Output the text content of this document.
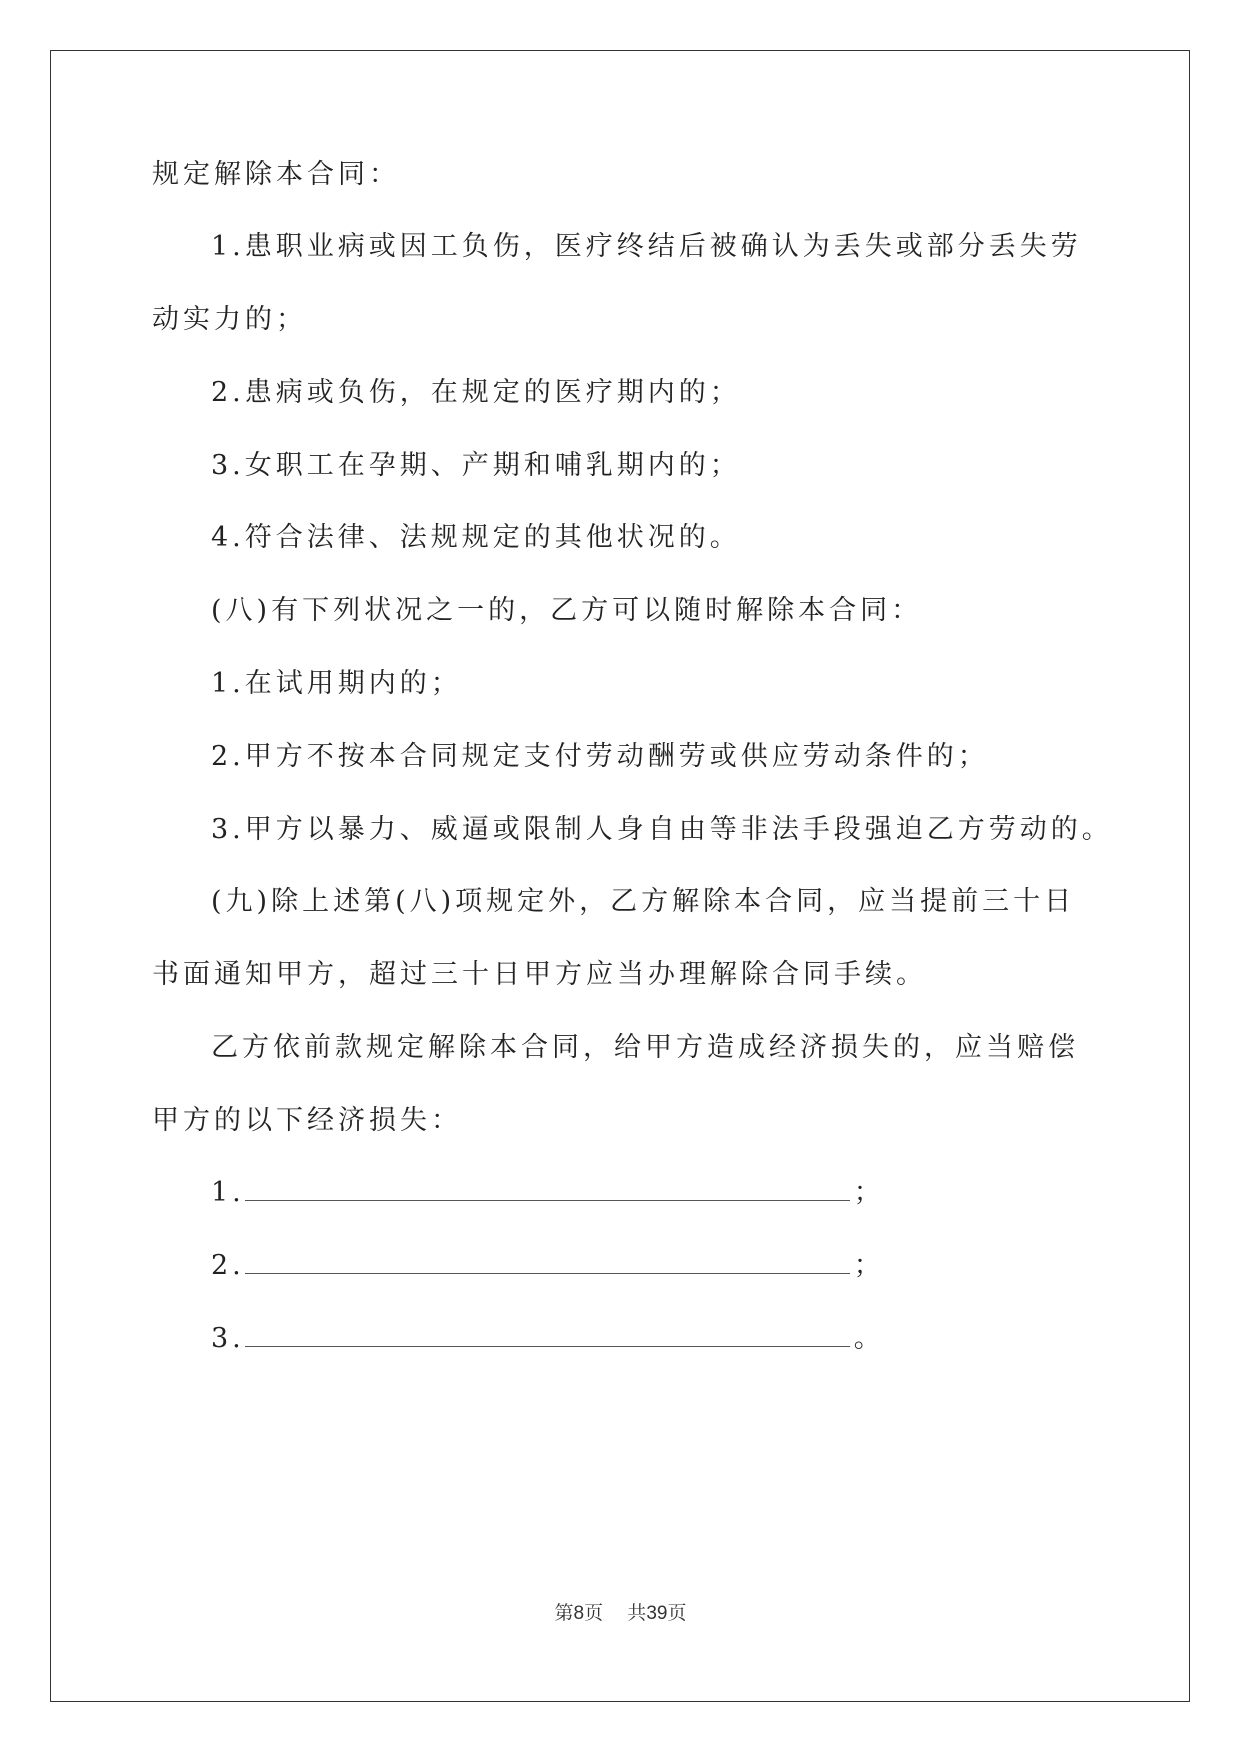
规定解除本合同：
1.患职业病或因工负伤，医疗终结后被确认为丢失或部分丢失劳
动实力的；
2.患病或负伤，在规定的医疗期内的；
3.女职工在孕期、产期和哺乳期内的；
4.符合法律、法规规定的其他状况的。
(八)有下列状况之一的，乙方可以随时解除本合同：
1.在试用期内的；
2.甲方不按本合同规定支付劳动酬劳或供应劳动条件的；
3.甲方以暴力、威逼或限制人身自由等非法手段强迫乙方劳动的。
(九)除上述第(八)项规定外，乙方解除本合同，应当提前三十日
书面通知甲方，超过三十日甲方应当办理解除合同手续。
乙方依前款规定解除本合同，给甲方造成经济损失的，应当赔偿
甲方的以下经济损失：
1.	；
2.	；
3.	。
第8页 共39页
